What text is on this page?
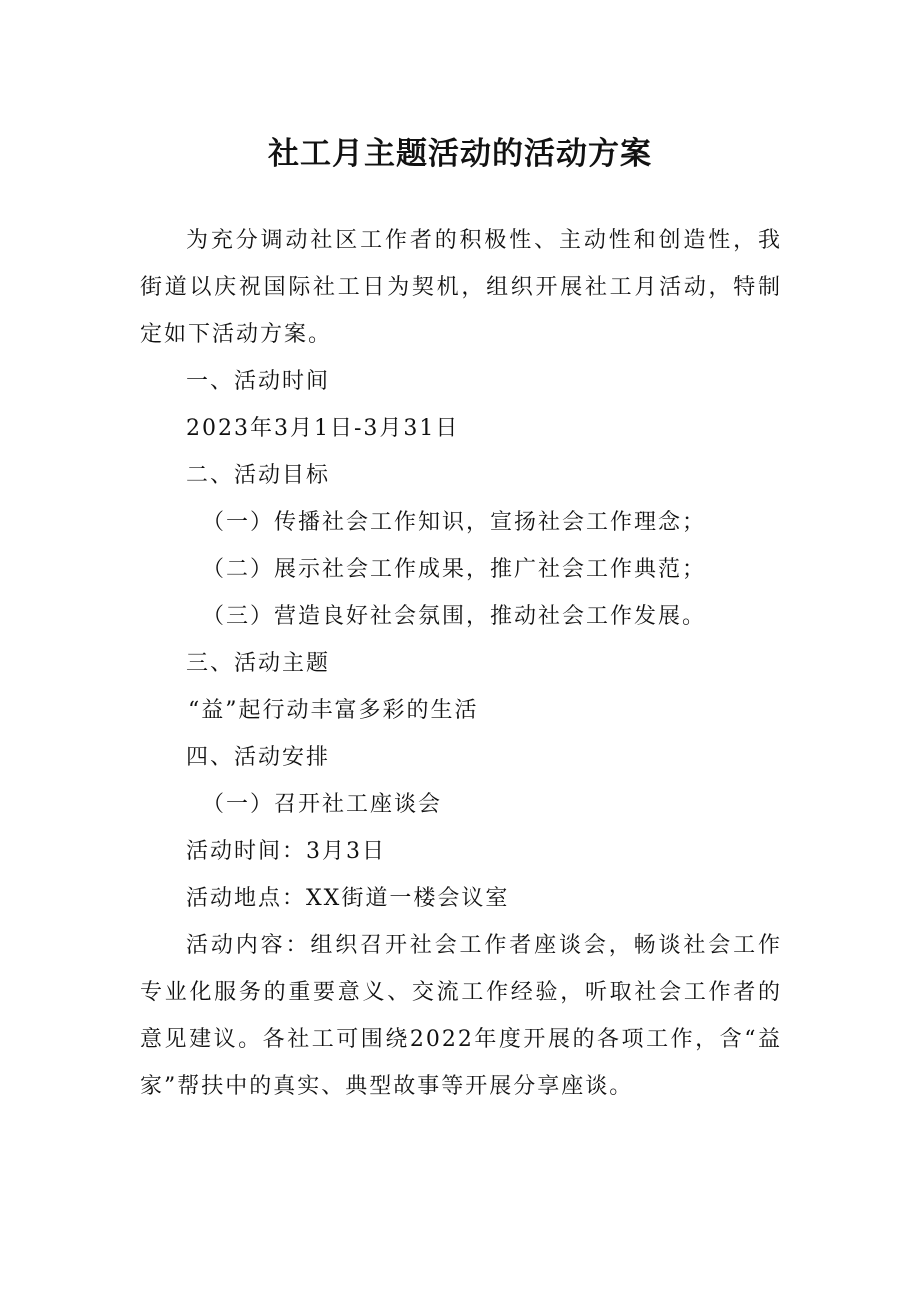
社工月主题活动的活动方案

为充分调动社区工作者的积极性、主动性和创造性，我街道以庆祝国际社工日为契机，组织开展社工月活动，特制定如下活动方案。

一、活动时间

2023年3月1日-3月31日

二、活动目标

（一）传播社会工作知识，宣扬社会工作理念；

（二）展示社会工作成果，推广社会工作典范；

（三）营造良好社会氛围，推动社会工作发展。

三、活动主题

“益”起行动丰富多彩的生活

四、活动安排

（一）召开社工座谈会

活动时间：3月3日

活动地点：XX街道一楼会议室

活动内容：组织召开社会工作者座谈会，畅谈社会工作专业化服务的重要意义、交流工作经验，听取社会工作者的意见建议。各社工可围绕2022年度开展的各项工作，含“益家”帮扶中的真实、典型故事等开展分享座谈。
